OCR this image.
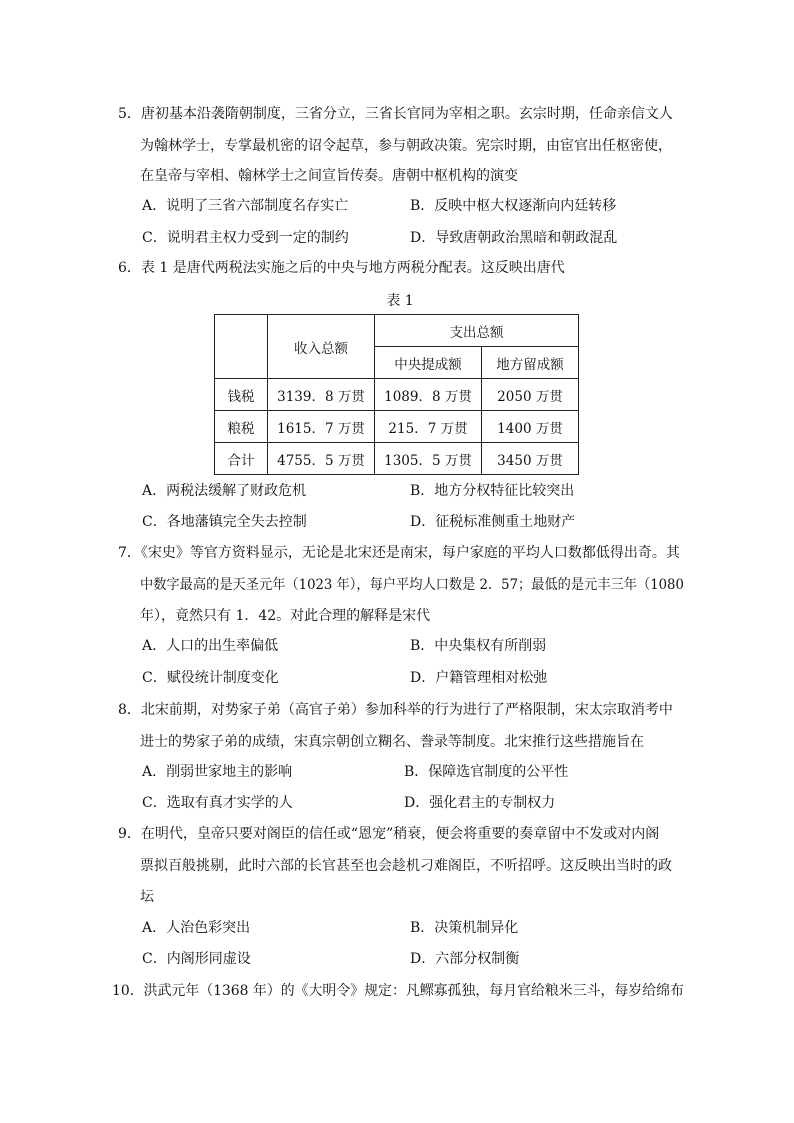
5．唐初基本沿袭隋朝制度，三省分立，三省长官同为宰相之职。玄宗时期，任命亲信文人
为翰林学士，专掌最机密的诏令起草，参与朝政决策。宪宗时期，由宦官出任枢密使，
在皇帝与宰相、翰林学士之间宣旨传奏。唐朝中枢机构的演变
A．说明了三省六部制度名存实亡	B．反映中枢大权逐渐向内廷转移
C．说明君主权力受到一定的制约	D．导致唐朝政治黑暗和朝政混乱
6．表 1 是唐代两税法实施之后的中央与地方两税分配表。这反映出唐代
表 1
	收入总额	支出总额	
		中央提成额	地方留成额
钱税	3139．8 万贯	1089．8 万贯	2050 万贯
粮税	1615．7 万贯	215．7 万贯	1400 万贯
合计	4755．5 万贯	1305．5 万贯	3450 万贯
A．两税法缓解了财政危机	B．地方分权特征比较突出
C．各地藩镇完全失去控制	D．征税标准侧重土地财产
7．《宋史》等官方资料显示，无论是北宋还是南宋，每户家庭的平均人口数都低得出奇。其
中数字最高的是天圣元年（1023 年），每户平均人口数是 2．57；最低的是元丰三年（1080
年），竟然只有 1．42。对此合理的解释是宋代
A．人口的出生率偏低	B．中央集权有所削弱
C．赋役统计制度变化	D．户籍管理相对松弛
8．北宋前期，对势家子弟（高官子弟）参加科举的行为进行了严格限制，宋太宗取消考中
进士的势家子弟的成绩，宋真宗朝创立糊名、誊录等制度。北宋推行这些措施旨在
A．削弱世家地主的影响	B．保障选官制度的公平性
C．选取有真才实学的人	D．强化君主的专制权力
9．在明代，皇帝只要对阁臣的信任或“恩宠”稍衰，便会将重要的奏章留中不发或对内阁
票拟百般挑剔，此时六部的长官甚至也会趁机刁难阁臣，不听招呼。这反映出当时的政
坛
A．人治色彩突出	B．决策机制异化
C．内阁形同虚设	D．六部分权制衡
10．洪武元年（1368 年）的《大明令》规定：凡鳏寡孤独，每月官给粮米三斗，每岁给绵布
